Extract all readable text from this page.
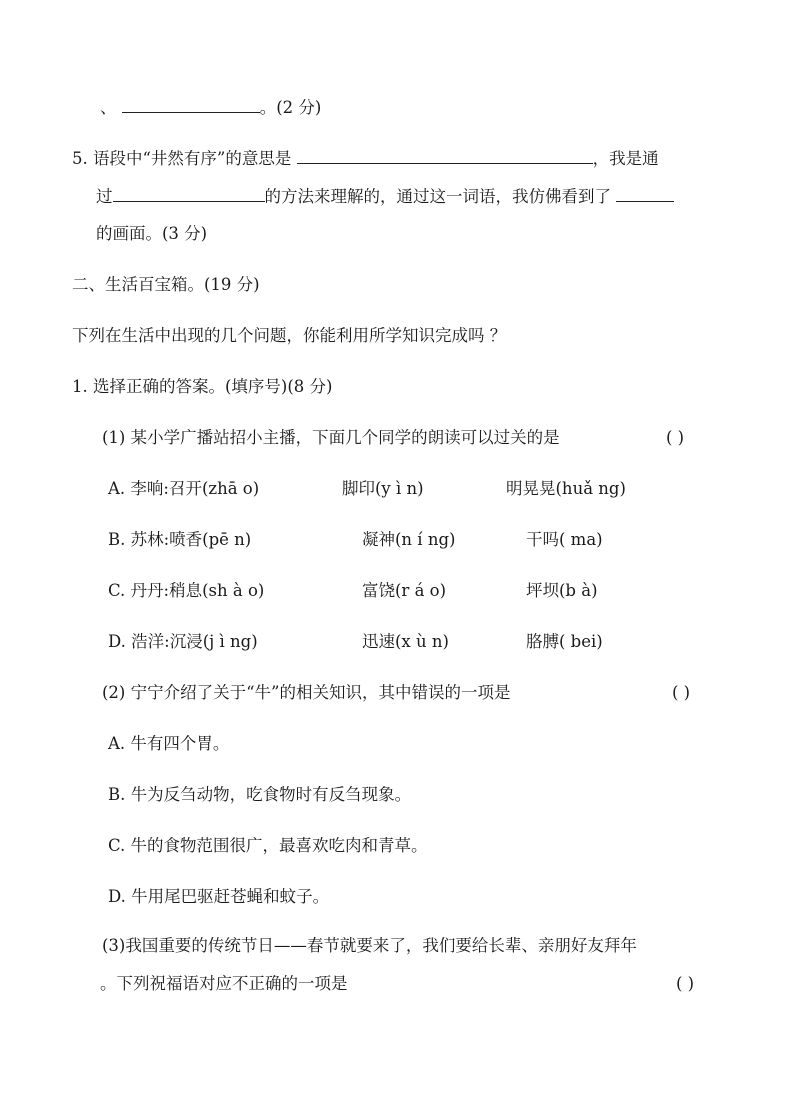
、	。(2 分)
5. 语段中“井然有序”的意思是	，我是通
过	的方法来理解的，通过这一词语，我仿佛看到了
的画面。(3 分)
二、生活百宝箱。(19 分)
下列在生活中出现的几个问题，你能利用所学知识完成吗 ？
1. 选择正确的答案。(填序号)(8 分)
(1) 某小学广播站招小主播，下面几个同学的朗读可以过关的是	( )
A. 李响:召开(zhā o)	脚印(y ì n)	明晃晃(huǎ ng)
B. 苏林:喷香(pē n)	凝神(n í ng)	干吗( ma)
C. 丹丹:稍息(sh à o)	富饶(r á o)	坪坝(b à)
D. 浩洋:沉浸(j ì ng)	迅速(x ù n)	胳膊( bei)
(2) 宁宁介绍了关于“牛”的相关知识，其中错误的一项是	( )
A. 牛有四个胃。
B. 牛为反刍动物，吃食物时有反刍现象。
C. 牛的食物范围很广，最喜欢吃肉和青草。
D. 牛用尾巴驱赶苍蝇和蚊子。
(3)我国重要的传统节日——春节就要来了，我们要给长辈、亲朋好友拜年
。下列祝福语对应不正确的一项是	( )
